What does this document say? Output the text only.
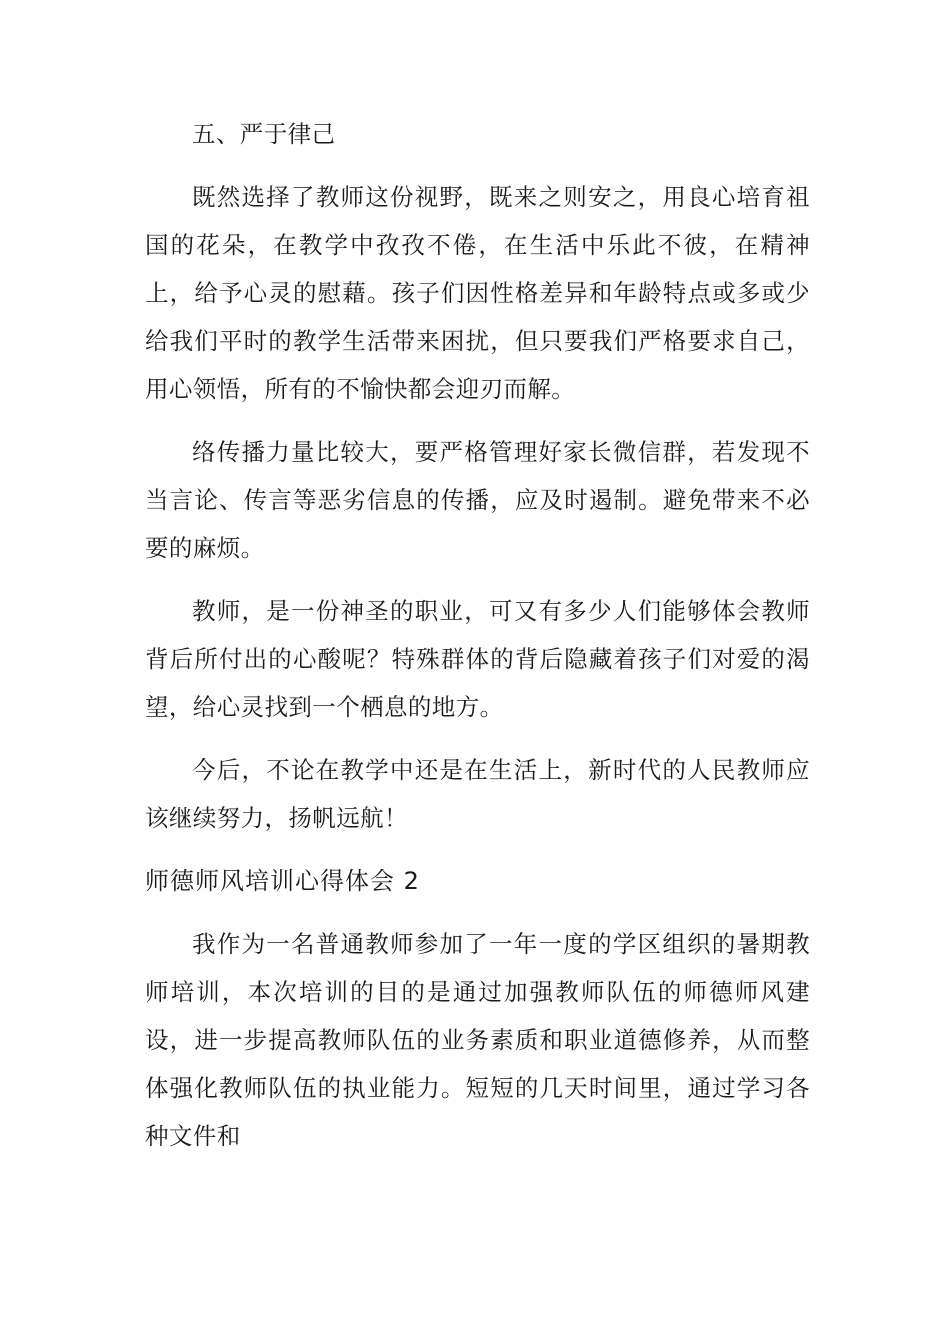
五、严于律己

既然选择了教师这份视野，既来之则安之，用良心培育祖国的花朵，在教学中孜孜不倦，在生活中乐此不彼，在精神上，给予心灵的慰藉。孩子们因性格差异和年龄特点或多或少给我们平时的教学生活带来困扰，但只要我们严格要求自己，用心领悟，所有的不愉快都会迎刃而解。

络传播力量比较大，要严格管理好家长微信群，若发现不当言论、传言等恶劣信息的传播，应及时遏制。避免带来不必要的麻烦。

教师，是一份神圣的职业，可又有多少人们能够体会教师背后所付出的心酸呢？特殊群体的背后隐藏着孩子们对爱的渴望，给心灵找到一个栖息的地方。

今后，不论在教学中还是在生活上，新时代的人民教师应该继续努力，扬帆远航！

师德师风培训心得体会 2

我作为一名普通教师参加了一年一度的学区组织的暑期教师培训，本次培训的目的是通过加强教师队伍的师德师风建设，进一步提高教师队伍的业务素质和职业道德修养，从而整体强化教师队伍的执业能力。短短的几天时间里，通过学习各种文件和
